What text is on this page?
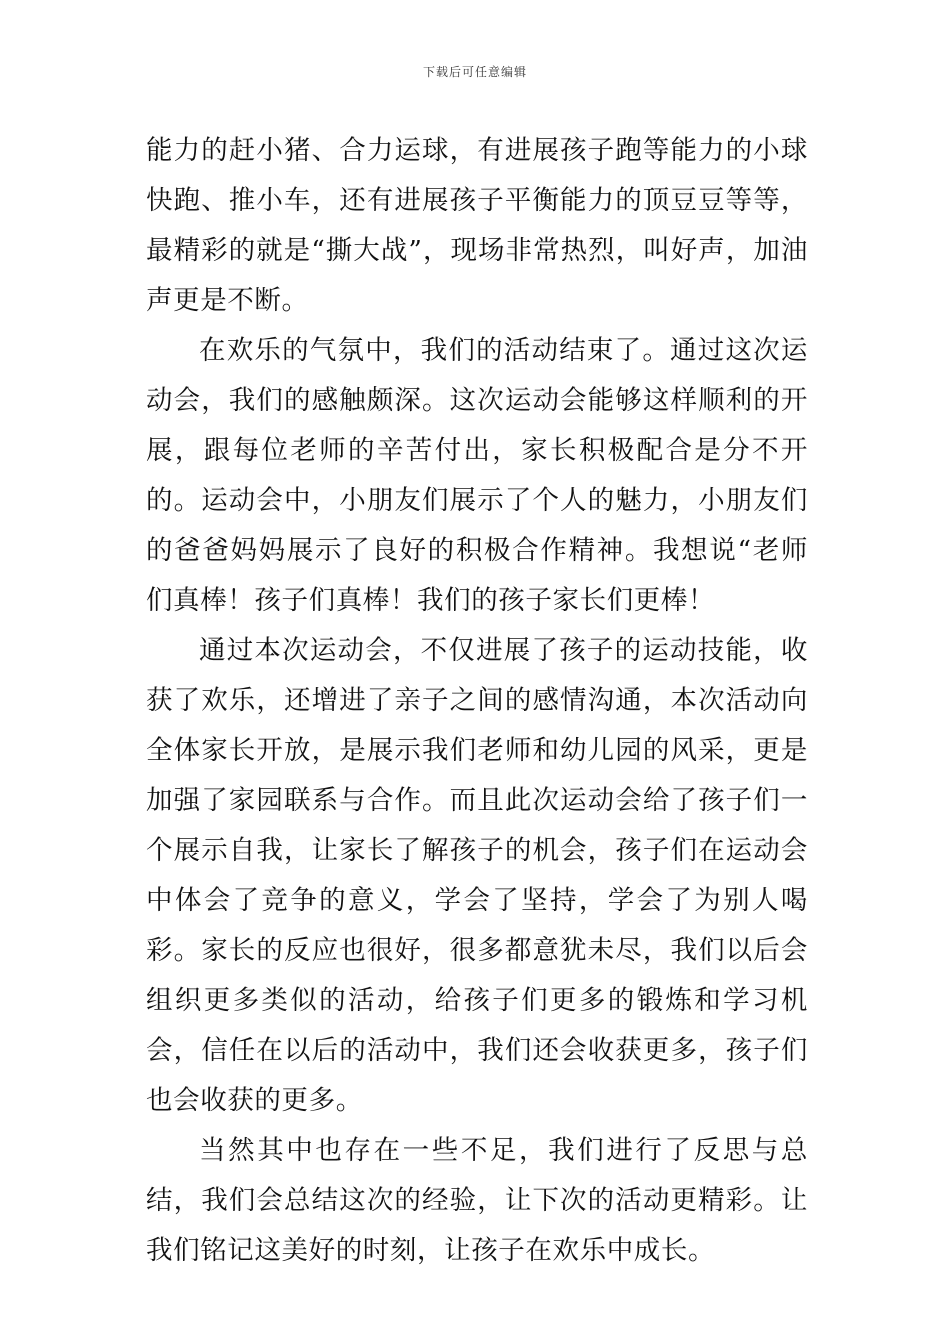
下载后可任意编辑

能力的赶小猪、合力运球，有进展孩子跑等能力的小球快跑、推小车，还有进展孩子平衡能力的顶豆豆等等，最精彩的就是“撕大战”，现场非常热烈，叫好声，加油声更是不断。

在欢乐的气氛中，我们的活动结束了。通过这次运动会，我们的感触颇深。这次运动会能够这样顺利的开展，跟每位老师的辛苦付出，家长积极配合是分不开的。运动会中，小朋友们展示了个人的魅力，小朋友们的爸爸妈妈展示了良好的积极合作精神。我想说“老师们真棒！孩子们真棒！我们的孩子家长们更棒！

通过本次运动会，不仅进展了孩子的运动技能，收获了欢乐，还增进了亲子之间的感情沟通，本次活动向全体家长开放，是展示我们老师和幼儿园的风采，更是加强了家园联系与合作。而且此次运动会给了孩子们一个展示自我，让家长了解孩子的机会，孩子们在运动会中体会了竞争的意义，学会了坚持，学会了为别人喝彩。家长的反应也很好，很多都意犹未尽，我们以后会组织更多类似的活动，给孩子们更多的锻炼和学习机会，信任在以后的活动中，我们还会收获更多，孩子们也会收获的更多。

当然其中也存在一些不足，我们进行了反思与总结，我们会总结这次的经验，让下次的活动更精彩。让我们铭记这美好的时刻，让孩子在欢乐中成长。
